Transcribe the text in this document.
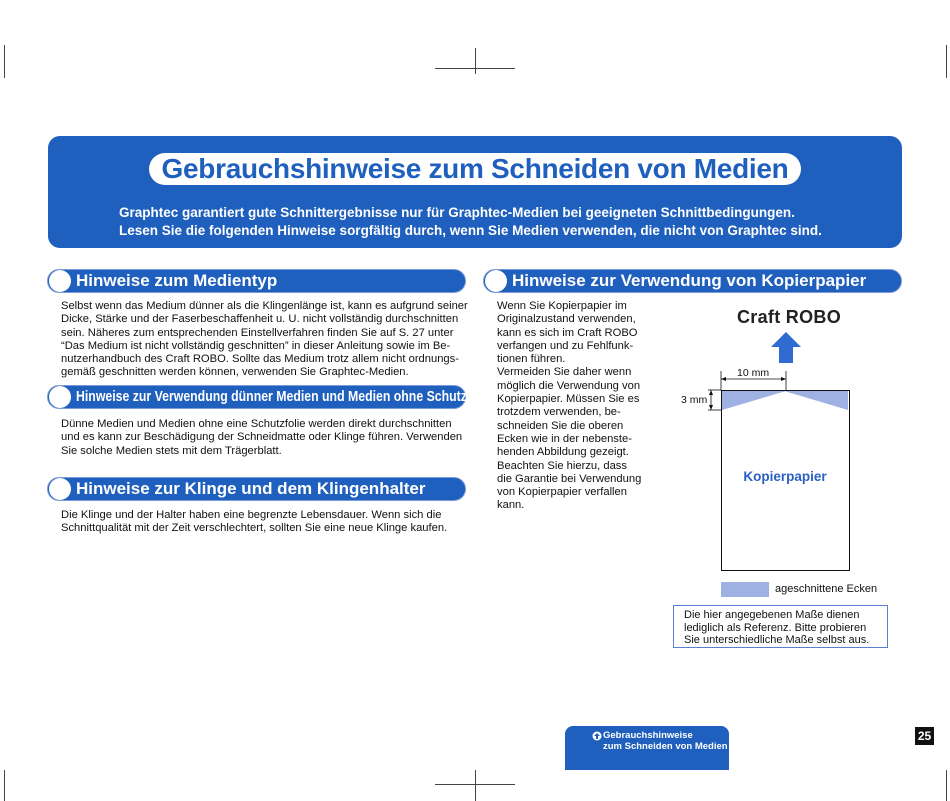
Gebrauchshinweise zum Schneiden von Medien
Graphtec garantiert gute Schnittergebnisse nur für Graphtec-Medien bei geeigneten Schnittbedingungen.
Lesen Sie die folgenden Hinweise sorgfältig durch, wenn Sie Medien verwenden, die nicht von Graphtec sind.
Hinweise zum Medientyp
Selbst wenn das Medium dünner als die Klingenlänge ist, kann es aufgrund seiner
Dicke, Stärke und der Faserbeschaffenheit u. U. nicht vollständig durchschnitten
sein. Näheres zum entsprechenden Einstellverfahren finden Sie auf S. 27 unter
“Das Medium ist nicht vollständig geschnitten” in dieser Anleitung sowie im Be-
nutzerhandbuch des Craft ROBO. Sollte das Medium trotz allem nicht ordnungs-
gemäß geschnitten werden können, verwenden Sie Graphtec-Medien.
Hinweise zur Verwendung dünner Medien und Medien ohne Schutzfolie
Dünne Medien und Medien ohne eine Schutzfolie werden direkt durchschnitten
und es kann zur Beschädigung der Schneidmatte oder Klinge führen. Verwenden
Sie solche Medien stets mit dem Trägerblatt.
Hinweise zur Klinge und dem Klingenhalter
Die Klinge und der Halter haben eine begrenzte Lebensdauer. Wenn sich die
Schnittqualität mit der Zeit verschlechtert, sollten Sie eine neue Klinge kaufen.
Hinweise zur Verwendung von Kopierpapier
Wenn Sie Kopierpapier im
Originalzustand verwenden,
kann es sich im Craft ROBO
verfangen und zu Fehlfunk-
tionen führen.
Vermeiden Sie daher wenn
möglich die Verwendung von
Kopierpapier. Müssen Sie es
trotzdem verwenden, be-
schneiden Sie die oberen
Ecken wie in der nebenste-
henden Abbildung gezeigt.
Beachten Sie hierzu, dass
die Garantie bei Verwendung
von Kopierpapier verfallen
kann.
Craft ROBO
10 mm
3 mm
Kopierpapier
ageschnittene Ecken
Die hier angegebenen Maße dienen
lediglich als Referenz. Bitte probieren
Sie unterschiedliche Maße selbst aus.
Gebrauchshinweise
zum Schneiden von Medien
25
